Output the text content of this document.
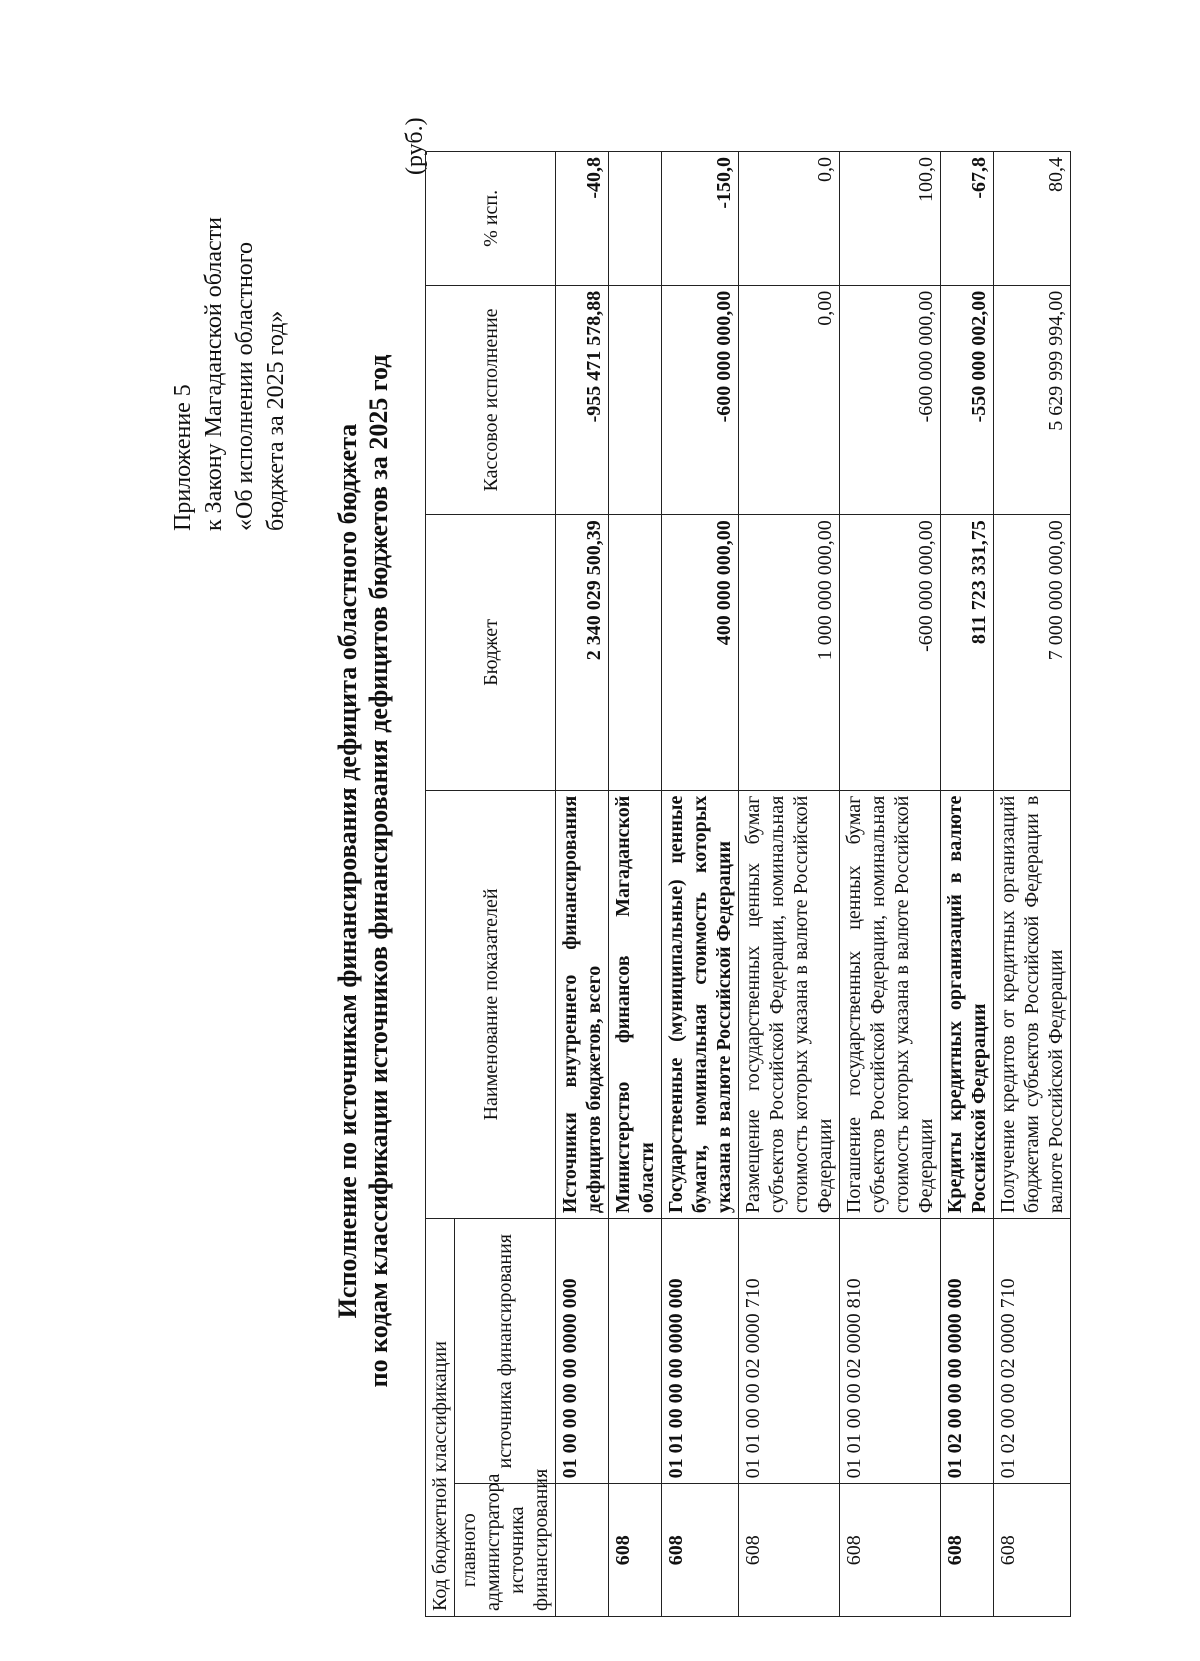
Приложение 5 к Закону Магаданской области «Об исполнении областного бюджета за 2025 год»
Исполнение по источникам финансирования дефицита областного бюджета по кодам классификации источников финансирования дефицитов бюджетов за 2025 год
(руб.)
Код бюджетной классификации		Наименование показателей	Бюджет	Кассовое исполнение	% исп.
главного администратора источника финансирования	источника финансирования				
	01 00 00 00 00 0000 000	Источники внутреннего финансирования дефицитов бюджетов, всего	2 340 029 500,39	-955 471 578,88	-40,8
608		Министерство финансов Магаданской области			
608	01 01 00 00 00 0000 000	Государственные (муниципальные) ценные бумаги, номинальная стоимость которых указана в валюте Российской Федерации	400 000 000,00	-600 000 000,00	-150,0
608	01 01 00 00 02 0000 710	Размещение государственных ценных бумаг субъектов Российской Федерации, номинальная стоимость которых указана в валюте Российской Федерации	1 000 000 000,00	0,00	0,0
608	01 01 00 00 02 0000 810	Погашение государственных ценных бумаг субъектов Российской Федерации, номинальная стоимость которых указана в валюте Российской Федерации	-600 000 000,00	-600 000 000,00	100,0
608	01 02 00 00 00 0000 000	Кредиты кредитных организаций в валюте Российской Федерации	811 723 331,75	-550 000 002,00	-67,8
608	01 02 00 00 02 0000 710	Получение кредитов от кредитных организаций бюджетами субъектов Российской Федерации в валюте Российской Федерации	7 000 000 000,00	5 629 999 994,00	80,4
